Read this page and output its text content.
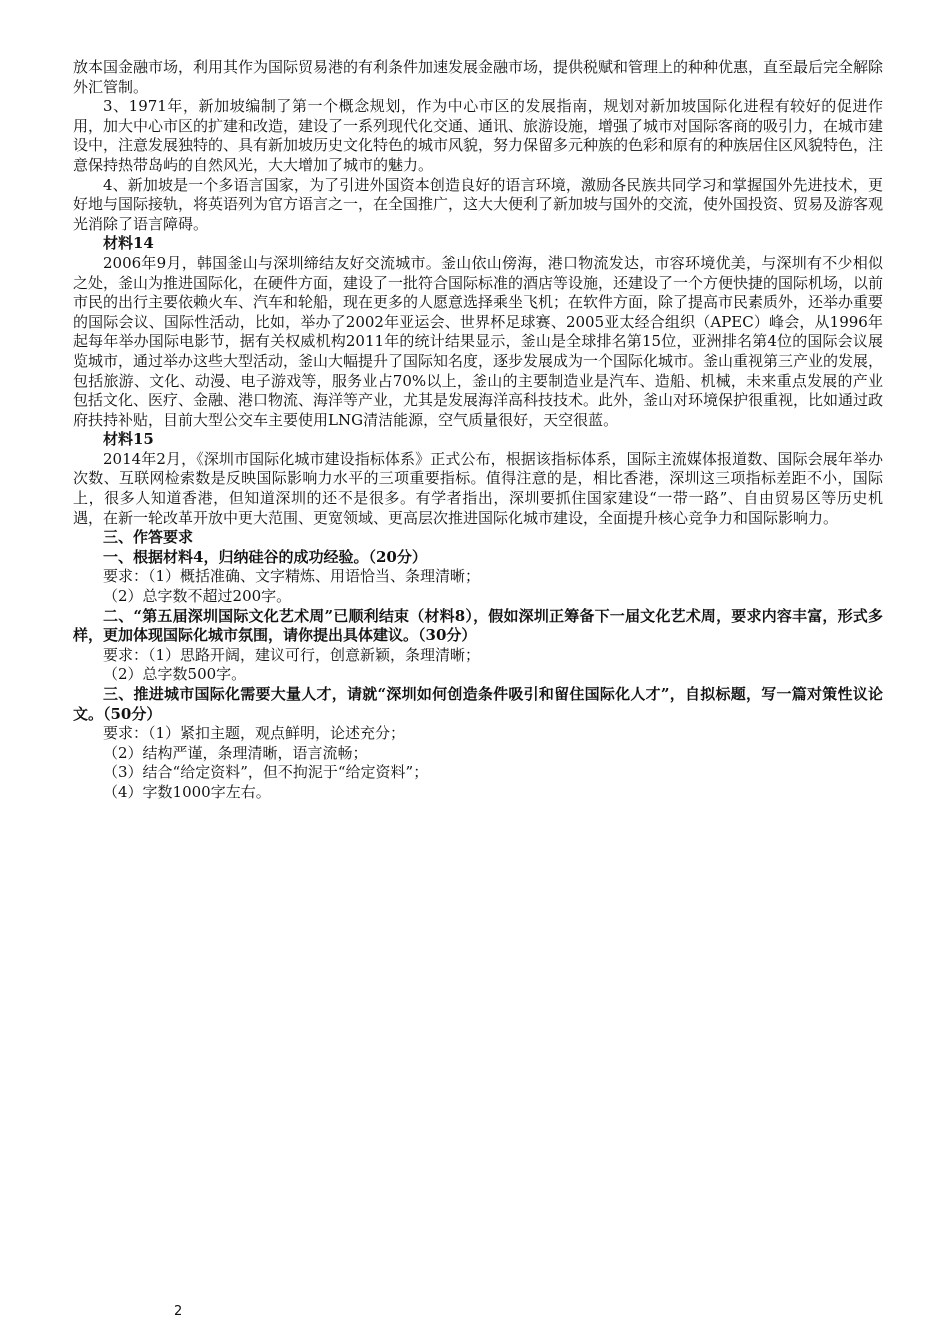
放本国金融市场，利用其作为国际贸易港的有利条件加速发展金融市场，提供税赋和管理上的种种优惠，直至最后完全解除外汇管制。

3、1971年，新加坡编制了第一个概念规划，作为中心市区的发展指南，规划对新加坡国际化进程有较好的促进作用，加大中心市区的扩建和改造，建设了一系列现代化交通、通讯、旅游设施，增强了城市对国际客商的吸引力，在城市建设中，注意发展独特的、具有新加坡历史文化特色的城市风貌，努力保留多元种族的色彩和原有的种族居住区风貌特色，注意保持热带岛屿的自然风光，大大增加了城市的魅力。

4、新加坡是一个多语言国家，为了引进外国资本创造良好的语言环境，激励各民族共同学习和掌握国外先进技术，更好地与国际接轨，将英语列为官方语言之一，在全国推广，这大大便利了新加坡与国外的交流，使外国投资、贸易及游客观光消除了语言障碍。

材料14

2006年9月，韩国釜山与深圳缔结友好交流城市。釜山依山傍海，港口物流发达，市容环境优美，与深圳有不少相似之处，釜山为推进国际化，在硬件方面，建设了一批符合国际标准的酒店等设施，还建设了一个方便快捷的国际机场，以前市民的出行主要依赖火车、汽车和轮船，现在更多的人愿意选择乘坐飞机；在软件方面，除了提高市民素质外，还举办重要的国际会议、国际性活动，比如，举办了2002年亚运会、世界杯足球赛、2005亚太经合组织（APEC）峰会，从1996年起每年举办国际电影节，据有关权威机构2011年的统计结果显示，釜山是全球排名第15位，亚洲排名第4位的国际会议展览城市，通过举办这些大型活动，釜山大幅提升了国际知名度，逐步发展成为一个国际化城市。釜山重视第三产业的发展，包括旅游、文化、动漫、电子游戏等，服务业占70%以上，釜山的主要制造业是汽车、造船、机械，未来重点发展的产业包括文化、医疗、金融、港口物流、海洋等产业，尤其是发展海洋高科技技术。此外，釜山对环境保护很重视，比如通过政府扶持补贴，目前大型公交车主要使用LNG清洁能源，空气质量很好，天空很蓝。

材料15

2014年2月，《深圳市国际化城市建设指标体系》正式公布，根据该指标体系，国际主流媒体报道数、国际会展年举办次数、互联网检索数是反映国际影响力水平的三项重要指标。值得注意的是，相比香港，深圳这三项指标差距不小，国际上，很多人知道香港，但知道深圳的还不是很多。有学者指出，深圳要抓住国家建设“一带一路”、自由贸易区等历史机遇，在新一轮改革开放中更大范围、更宽领域、更高层次推进国际化城市建设，全面提升核心竞争力和国际影响力。

三、作答要求

一、根据材料4，归纳硅谷的成功经验。（20分）

要求：（1）概括准确、文字精炼、用语恰当、条理清晰；

（2）总字数不超过200字。

二、“第五届深圳国际文化艺术周”已顺利结束（材料8），假如深圳正筹备下一届文化艺术周，要求内容丰富，形式多样，更加体现国际化城市氛围，请你提出具体建议。（30分）

要求：（1）思路开阔，建议可行，创意新颖，条理清晰；

（2）总字数500字。

三、推进城市国际化需要大量人才，请就“深圳如何创造条件吸引和留住国际化人才”，自拟标题，写一篇对策性议论文。（50分）

要求：（1）紧扣主题，观点鲜明，论述充分；

（2）结构严谨，条理清晰，语言流畅；

（3）结合“给定资料”，但不拘泥于“给定资料”；

（4）字数1000字左右。

2
